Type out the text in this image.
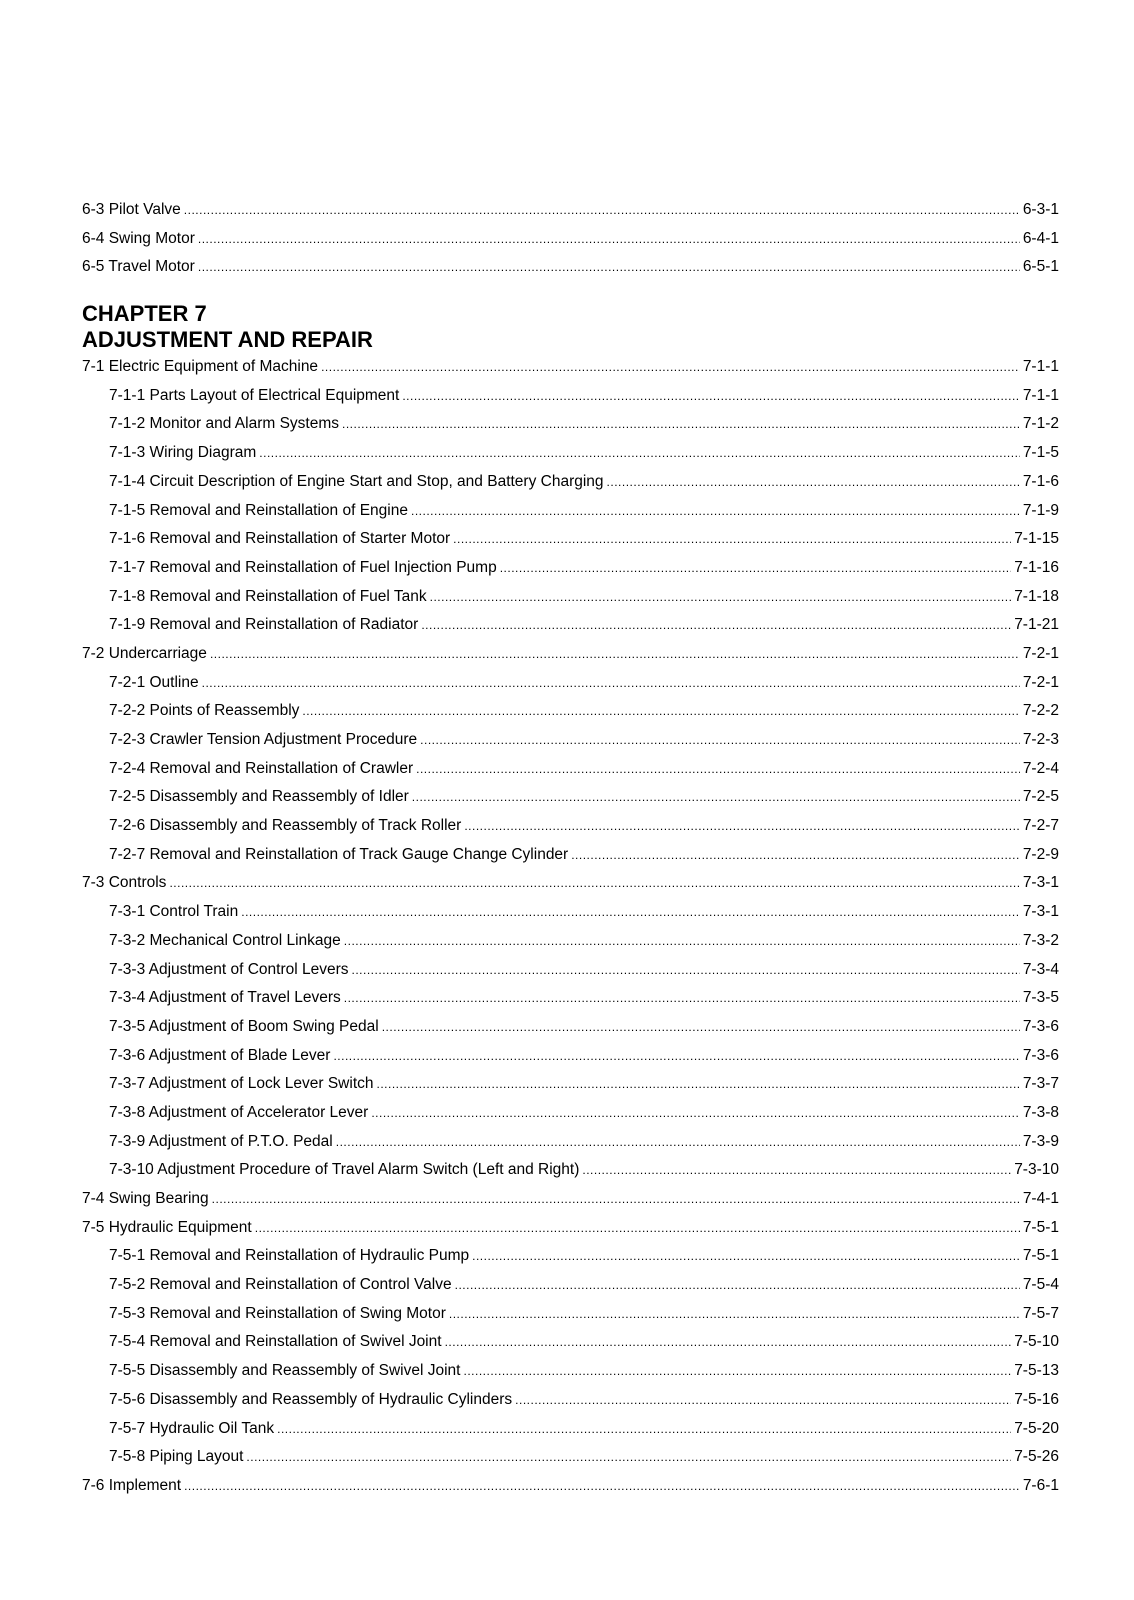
6-3 Pilot Valve .....	6-3-1
6-4 Swing Motor .....	6-4-1
6-5 Travel Motor .....	6-5-1
CHAPTER 7
ADJUSTMENT AND REPAIR
7-1 Electric Equipment of Machine .....	7-1-1
7-1-1 Parts Layout of Electrical Equipment .....	7-1-1
7-1-2 Monitor and Alarm Systems .....	7-1-2
7-1-3 Wiring Diagram .....	7-1-5
7-1-4 Circuit Description of Engine Start and Stop, and Battery Charging .....	7-1-6
7-1-5 Removal and Reinstallation of Engine .....	7-1-9
7-1-6 Removal and Reinstallation of Starter Motor .....	7-1-15
7-1-7 Removal and Reinstallation of Fuel Injection Pump .....	7-1-16
7-1-8 Removal and Reinstallation of Fuel Tank .....	7-1-18
7-1-9 Removal and Reinstallation of Radiator .....	7-1-21
7-2 Undercarriage .....	7-2-1
7-2-1 Outline .....	7-2-1
7-2-2 Points of Reassembly .....	7-2-2
7-2-3 Crawler Tension Adjustment Procedure .....	7-2-3
7-2-4 Removal and Reinstallation of Crawler .....	7-2-4
7-2-5 Disassembly and Reassembly of Idler .....	7-2-5
7-2-6 Disassembly and Reassembly of Track Roller .....	7-2-7
7-2-7 Removal and Reinstallation of Track Gauge Change Cylinder .....	7-2-9
7-3 Controls .....	7-3-1
7-3-1 Control Train .....	7-3-1
7-3-2 Mechanical Control Linkage .....	7-3-2
7-3-3 Adjustment of Control Levers .....	7-3-4
7-3-4 Adjustment of Travel Levers .....	7-3-5
7-3-5 Adjustment of Boom Swing Pedal .....	7-3-6
7-3-6 Adjustment of Blade Lever .....	7-3-6
7-3-7 Adjustment of Lock Lever Switch .....	7-3-7
7-3-8 Adjustment of Accelerator Lever .....	7-3-8
7-3-9 Adjustment of P.T.O. Pedal .....	7-3-9
7-3-10 Adjustment Procedure of Travel Alarm Switch (Left and Right) .....	7-3-10
7-4 Swing Bearing .....	7-4-1
7-5 Hydraulic Equipment .....	7-5-1
7-5-1 Removal and Reinstallation of Hydraulic Pump .....	7-5-1
7-5-2 Removal and Reinstallation of Control Valve .....	7-5-4
7-5-3 Removal and Reinstallation of Swing Motor .....	7-5-7
7-5-4 Removal and Reinstallation of Swivel Joint .....	7-5-10
7-5-5 Disassembly and Reassembly of Swivel Joint .....	7-5-13
7-5-6 Disassembly and Reassembly of Hydraulic Cylinders .....	7-5-16
7-5-7 Hydraulic Oil Tank .....	7-5-20
7-5-8 Piping Layout .....	7-5-26
7-6 Implement .....	7-6-1
